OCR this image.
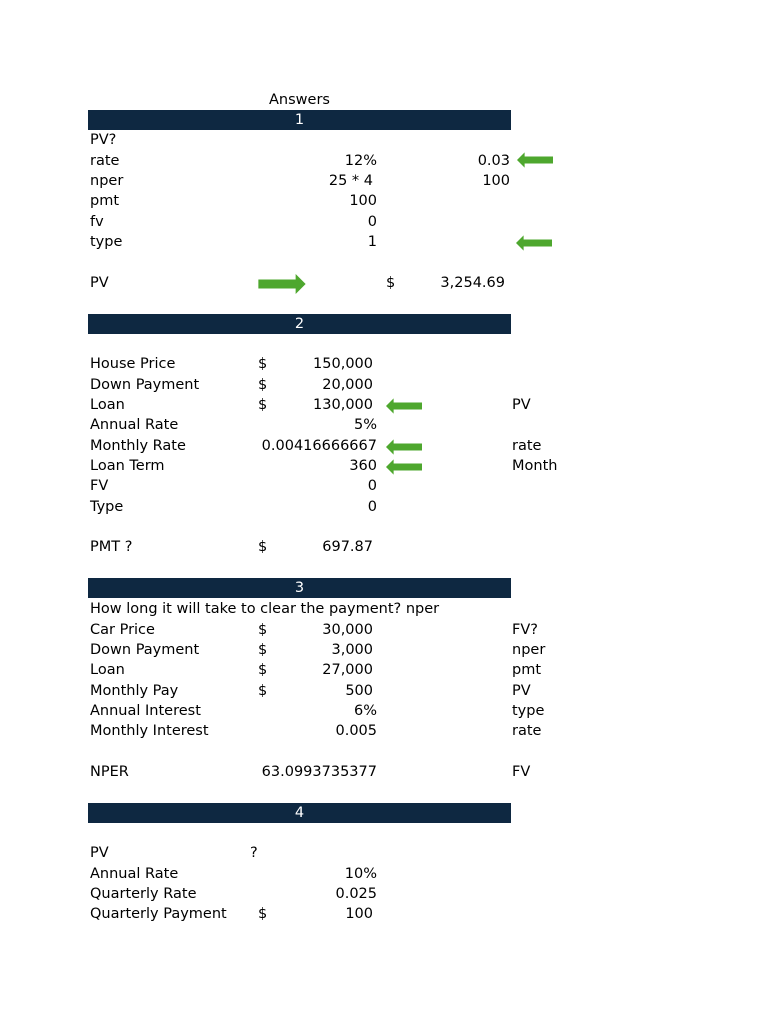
Answers
1
PV?
rate	12%	0.03
nper	25 * 4	100
pmt	100
fv	0
type	1
PV	$	3,254.69
2
House Price	$	150,000
Down Payment	$	20,000
Loan	$	130,000	PV
Annual Rate	5%
Monthly Rate	0.00416666667	rate
Loan Term	360	Month
FV	0
Type	0
PMT ?	$	697.87
3
How long it will take to clear the payment? nper
Car Price	$	30,000	FV?
Down Payment	$	3,000	nper
Loan	$	27,000	pmt
Monthly Pay	$	500	PV
Annual Interest	6%	type
Monthly Interest	0.005	rate
NPER	63.0993735377	FV
4
PV	?
Annual Rate	10%
Quarterly Rate	0.025
Quarterly Payment $	100
